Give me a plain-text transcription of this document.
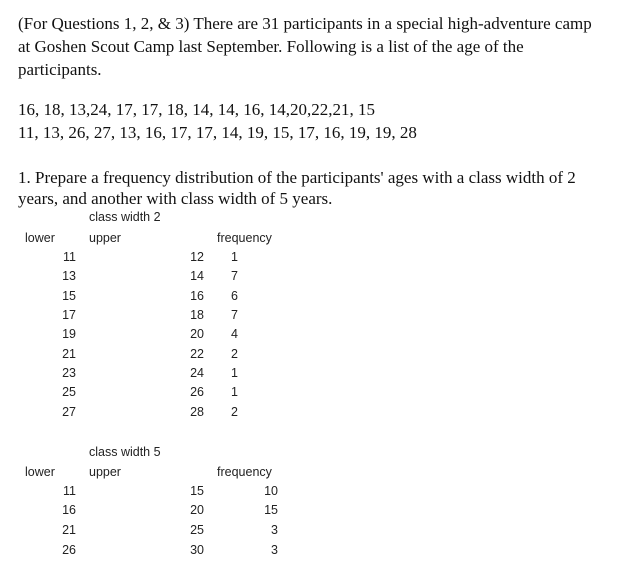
(For Questions 1, 2, & 3) There are 31 participants in a special high-adventure camp

at Goshen Scout Camp last September. Following is a list of the age of the

participants.

16, 18, 13,24, 17, 17, 18, 14, 14, 16, 14,20,22,21, 15

11, 13, 26, 27, 13, 16, 17, 17, 14, 19, 15, 17, 16, 19, 19, 28

1. Prepare a frequency distribution of the participants' ages with a class width of 2

years, and another with class width of 5 years.

class width 2
lower	upper	frequency
11	12	1
13	14	7
15	16	6
17	18	7
19	20	4
21	22	2
23	24	1
25	26	1
27	28	2
class width 5
lower	upper	frequency
11	15	10
16	20	15
21	25	3
26	30	3
